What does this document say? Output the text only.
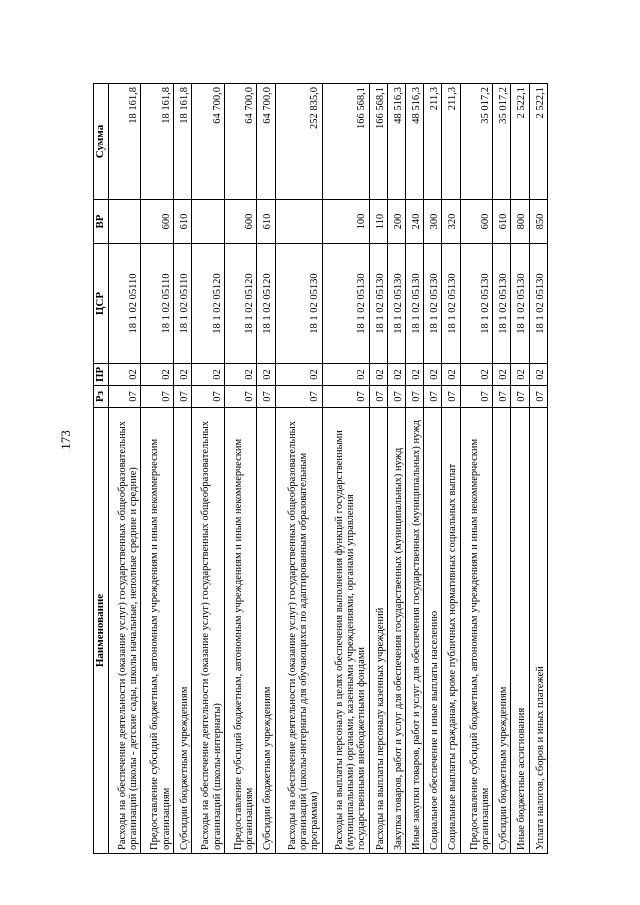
173
Наименование	Рз	ПР	ЦСР	ВР	Сумма
Расходы на обеспечение деятельности (оказание услуг) государственных общеобразовательных организаций (школы - детские сады, школы начальные, неполные средние и средние)	07	02	18 1 02 05110		18 161,8
Предоставление субсидий бюджетным, автономным учреждениям и иным некоммерческим организациям	07	02	18 1 02 05110	600	18 161,8
Субсидии бюджетным учреждениям	07	02	18 1 02 05110	610	18 161,8
Расходы на обеспечение деятельности (оказание услуг) государственных общеобразовательных организаций (школы-интернаты)	07	02	18 1 02 05120		64 700,0
Предоставление субсидий бюджетным, автономным учреждениям и иным некоммерческим организациям	07	02	18 1 02 05120	600	64 700,0
Субсидии бюджетным учреждениям	07	02	18 1 02 05120	610	64 700,0
Расходы на обеспечение деятельности (оказание услуг) государственных общеобразовательных организаций (школы-интернаты для обучающихся по адаптированным образовательным программам)	07	02	18 1 02 05130		252 835,0
Расходы на выплаты персоналу в целях обеспечения выполнения функций государственными (муниципальными) органами, казенными учреждениями, органами управления государственными внебюджетными фондами	07	02	18 1 02 05130	100	166 568,1
Расходы на выплаты персоналу казенных учреждений	07	02	18 1 02 05130	110	166 568,1
Закупка товаров, работ и услуг для обеспечения государственных (муниципальных) нужд	07	02	18 1 02 05130	200	48 516,3
Иные закупки товаров, работ и услуг для обеспечения государственных (муниципальных) нужд	07	02	18 1 02 05130	240	48 516,3
Социальное обеспечение и иные выплаты населению	07	02	18 1 02 05130	300	211,3
Социальные выплаты гражданам, кроме публичных нормативных социальных выплат	07	02	18 1 02 05130	320	211,3
Предоставление субсидий бюджетным, автономным учреждениям и иным некоммерческим организациям	07	02	18 1 02 05130	600	35 017,2
Субсидии бюджетным учреждениям	07	02	18 1 02 05130	610	35 017,2
Иные бюджетные ассигнования	07	02	18 1 02 05130	800	2 522,1
Уплата налогов, сборов и иных платежей	07	02	18 1 02 05130	850	2 522,1
